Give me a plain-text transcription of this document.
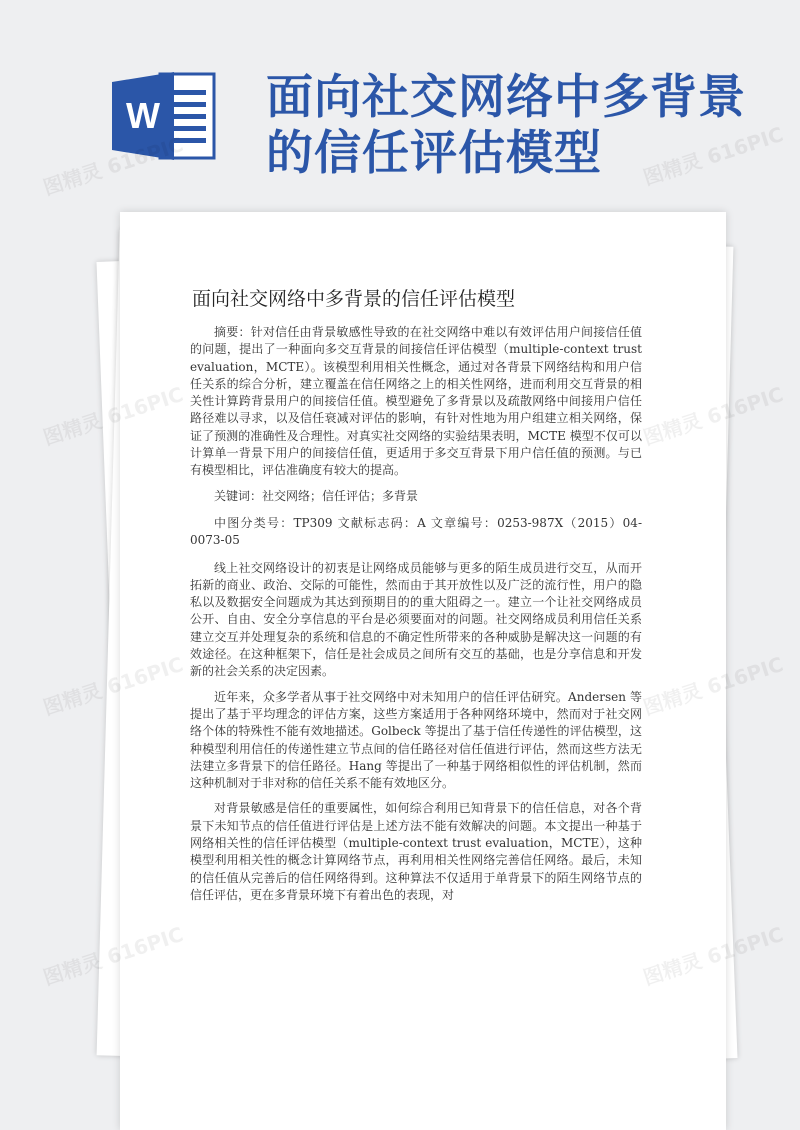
W 面向社交网络中多背景
的信任评估模型
面向社交网络中多背景的信任评估模型

摘要：针对信任由背景敏感性导致的在社交网络中难以有效评估用户间接信任值的问题，提出了一种面向多交互背景的间接信任评估模型（multiple-context trust evaluation，MCTE）。该模型利用相关性概念，通过对各背景下网络结构和用户信任关系的综合分析，建立覆盖在信任网络之上的相关性网络，进而利用交互背景的相关性计算跨背景用户的间接信任值。模型避免了多背景以及疏散网络中间接用户信任路径难以寻求，以及信任衰减对评估的影响，有针对性地为用户组建立相关网络，保证了预测的准确性及合理性。对真实社交网络的实验结果表明，MCTE 模型不仅可以计算单一背景下用户的间接信任值，更适用于多交互背景下用户信任值的预测。与已有模型相比，评估准确度有较大的提高。

关键词：社交网络；信任评估；多背景

中图分类号：TP309 文献标志码：A 文章编号：0253-987X（2015）04-0073-05

线上社交网络设计的初衷是让网络成员能够与更多的陌生成员进行交互，从而开拓新的商业、政治、交际的可能性，然而由于其开放性以及广泛的流行性，用户的隐私以及数据安全问题成为其达到预期目的的重大阻碍之一。建立一个让社交网络成员公开、自由、安全分享信息的平台是必须要面对的问题。社交网络成员利用信任关系建立交互并处理复杂的系统和信息的不确定性所带来的各种威胁是解决这一问题的有效途径。在这种框架下，信任是社会成员之间所有交互的基础，也是分享信息和开发新的社会关系的决定因素。

近年来，众多学者从事于社交网络中对未知用户的信任评估研究。Andersen 等提出了基于平均理念的评估方案，这些方案适用于各种网络环境中，然而对于社交网络个体的特殊性不能有效地描述。Golbeck 等提出了基于信任传递性的评估模型，这种模型利用信任的传递性建立节点间的信任路径对信任值进行评估，然而这些方法无法建立多背景下的信任路径。Hang 等提出了一种基于网络相似性的评估机制，然而这种机制对于非对称的信任关系不能有效地区分。

对背景敏感是信任的重要属性，如何综合利用已知背景下的信任信息，对各个背景下未知节点的信任值进行评估是上述方法不能有效解决的问题。本文提出一种基于网络相关性的信任评估模型（multiple-context trust evaluation，MCTE），这种模型利用相关性的概念计算网络节点，再利用相关性网络完善信任网络。最后，未知的信任值从完善后的信任网络得到。这种算法不仅适用于单背景下的陌生网络节点的信任评估，更在多背景环境下有着出色的表现，对

图精灵 616PIC	图精灵 616PIC
图精灵
616PIC
图精灵
616PIC
图精灵
616PIC
